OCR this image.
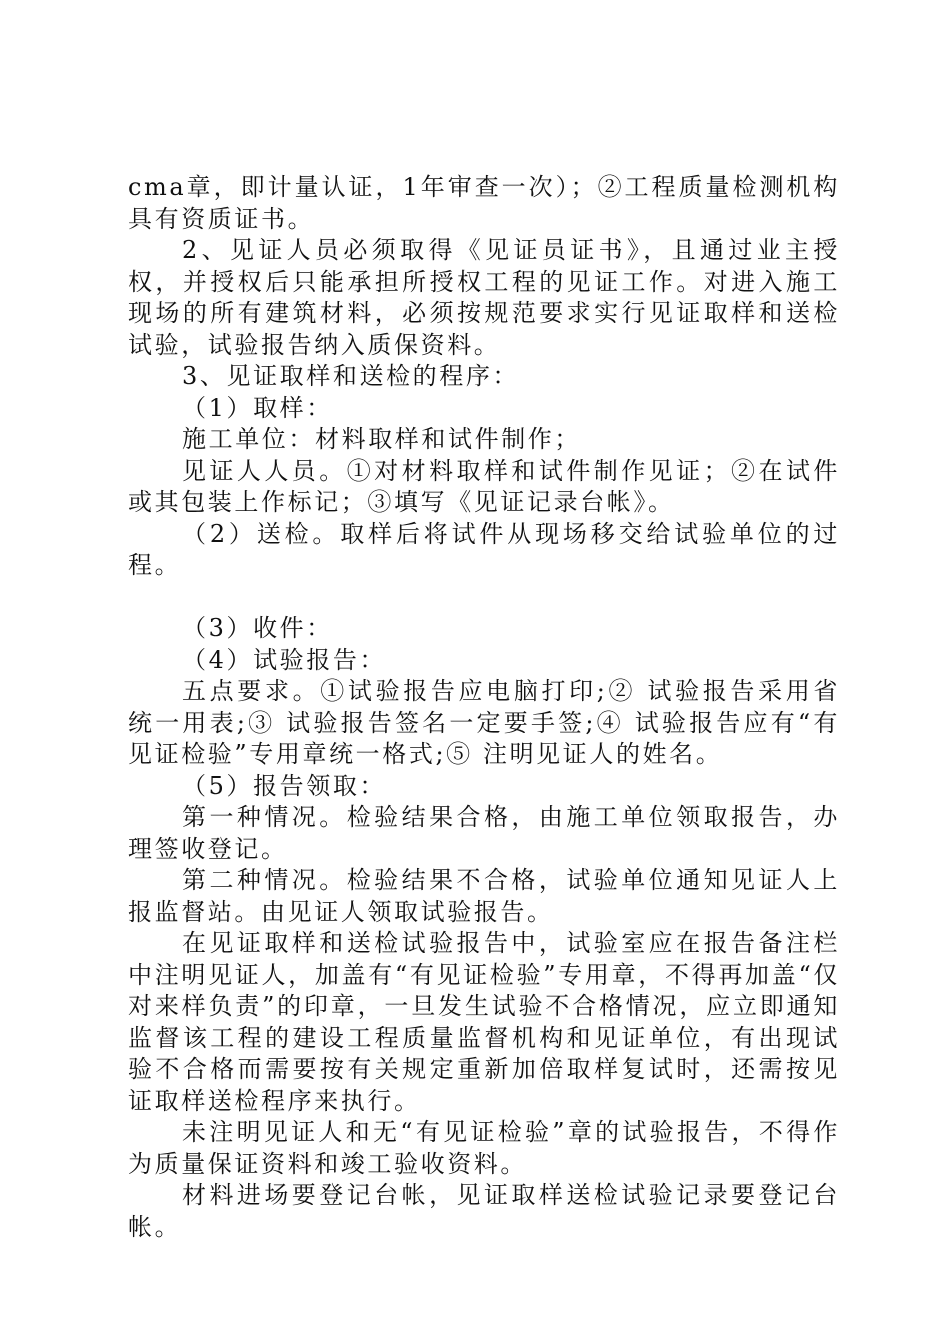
cma章，即计量认证，1年审查一次）；②工程质量检测机构具有资质证书。

2、见证人员必须取得《见证员证书》，且通过业主授权，并授权后只能承担所授权工程的见证工作。对进入施工现场的所有建筑材料，必须按规范要求实行见证取样和送检试验，试验报告纳入质保资料。

3、见证取样和送检的程序：

（1）取样：

施工单位：材料取样和试件制作；

见证人人员。①对材料取样和试件制作见证；②在试件或其包装上作标记；③填写《见证记录台帐》。

（2）送检。取样后将试件从现场移交给试验单位的过程。

（3）收件：

（4）试验报告：

五点要求。①试验报告应电脑打印;② 试验报告采用省统一用表;③ 试验报告签名一定要手签;④ 试验报告应有“有见证检验”专用章统一格式;⑤ 注明见证人的姓名。

（5）报告领取：

第一种情况。检验结果合格，由施工单位领取报告，办理签收登记。

第二种情况。检验结果不合格，试验单位通知见证人上报监督站。由见证人领取试验报告。

在见证取样和送检试验报告中，试验室应在报告备注栏中注明见证人，加盖有“有见证检验”专用章，不得再加盖“仅对来样负责”的印章，一旦发生试验不合格情况，应立即通知监督该工程的建设工程质量监督机构和见证单位，有出现试验不合格而需要按有关规定重新加倍取样复试时，还需按见证取样送检程序来执行。

未注明见证人和无“有见证检验”章的试验报告，不得作为质量保证资料和竣工验收资料。

材料进场要登记台帐，见证取样送检试验记录要登记台帐。
